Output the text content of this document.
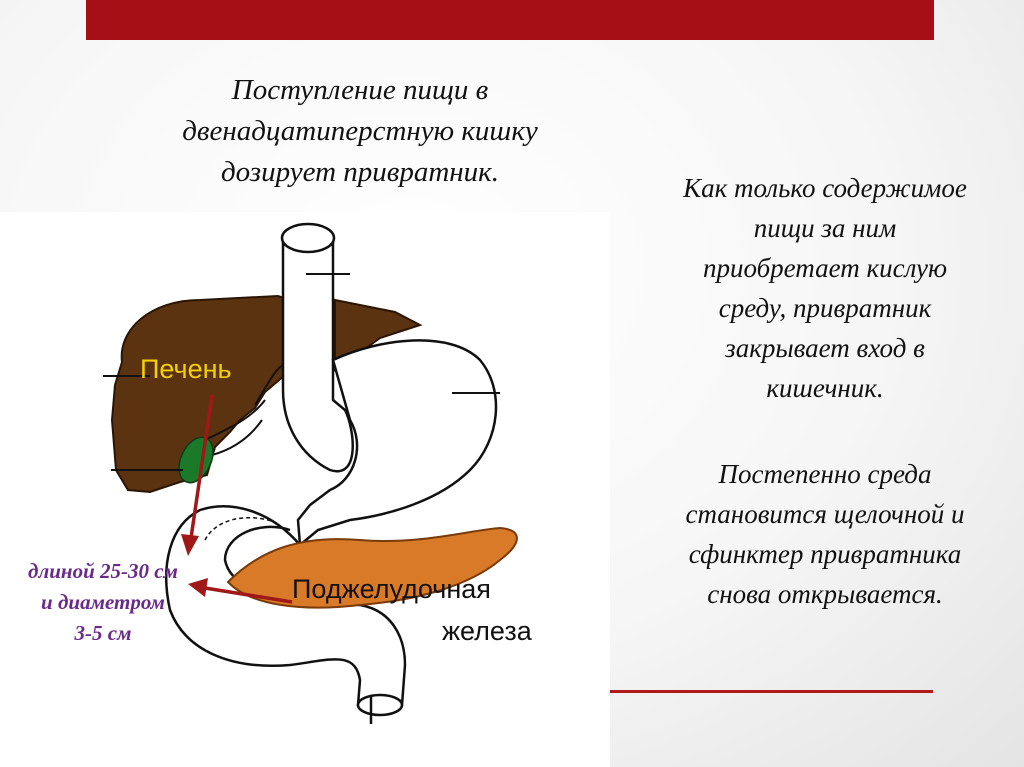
Поступление пищи в
двенадцатиперстную кишку
дозирует привратник.	Как только содержимое
пищи за ним
приобретает кислую
среду, привратник
закрывает вход в
кишечник.
Постепенно среда
становится щелочной и
сфинктер привратника
снова открывается.
Печень
Поджелудочная
железа
длиной 25-30 см
и диаметром
3-5 см
